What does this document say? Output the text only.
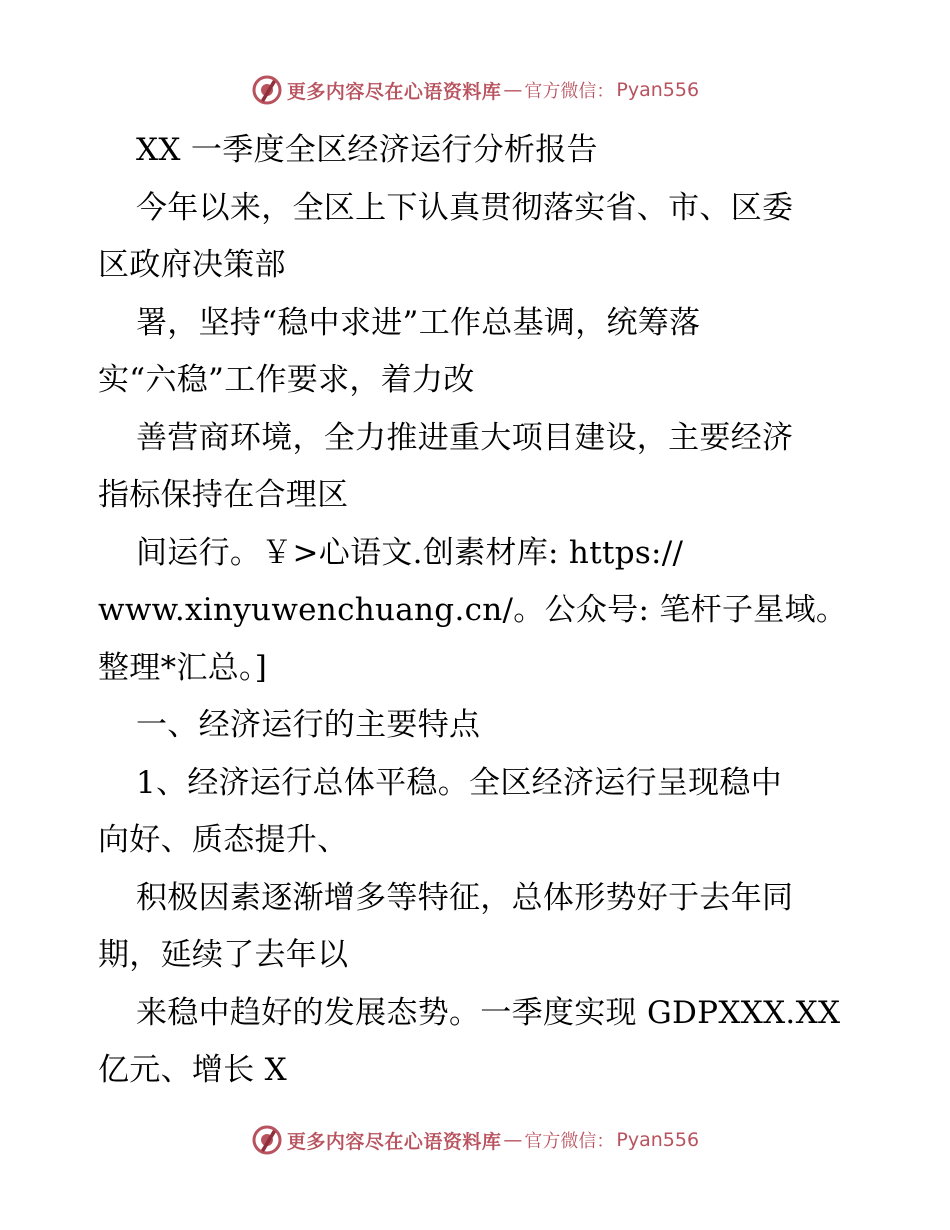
更多内容尽在心语资料库 — 官方微信： Pyan556
XX 一季度全区经济运行分析报告
今年以来，全区上下认真贯彻落实省、市、区委
区政府决策部
署，坚持“稳中求进”工作总基调，统筹落
实“六稳”工作要求，着力改
善营商环境，全力推进重大项目建设，主要经济
指标保持在合理区
间运行。￥>心语文.创素材库: https://
www.xinyuwenchuang.cn/。公众号: 笔杆子星域。
整理*汇总。]
一、经济运行的主要特点
1、经济运行总体平稳。全区经济运行呈现稳中
向好、质态提升、
积极因素逐渐增多等特征，总体形势好于去年同
期，延续了去年以
来稳中趋好的发展态势。一季度实现 GDPXXX.XX
亿元、增长 X
更多内容尽在心语资料库 — 官方微信： Pyan556
